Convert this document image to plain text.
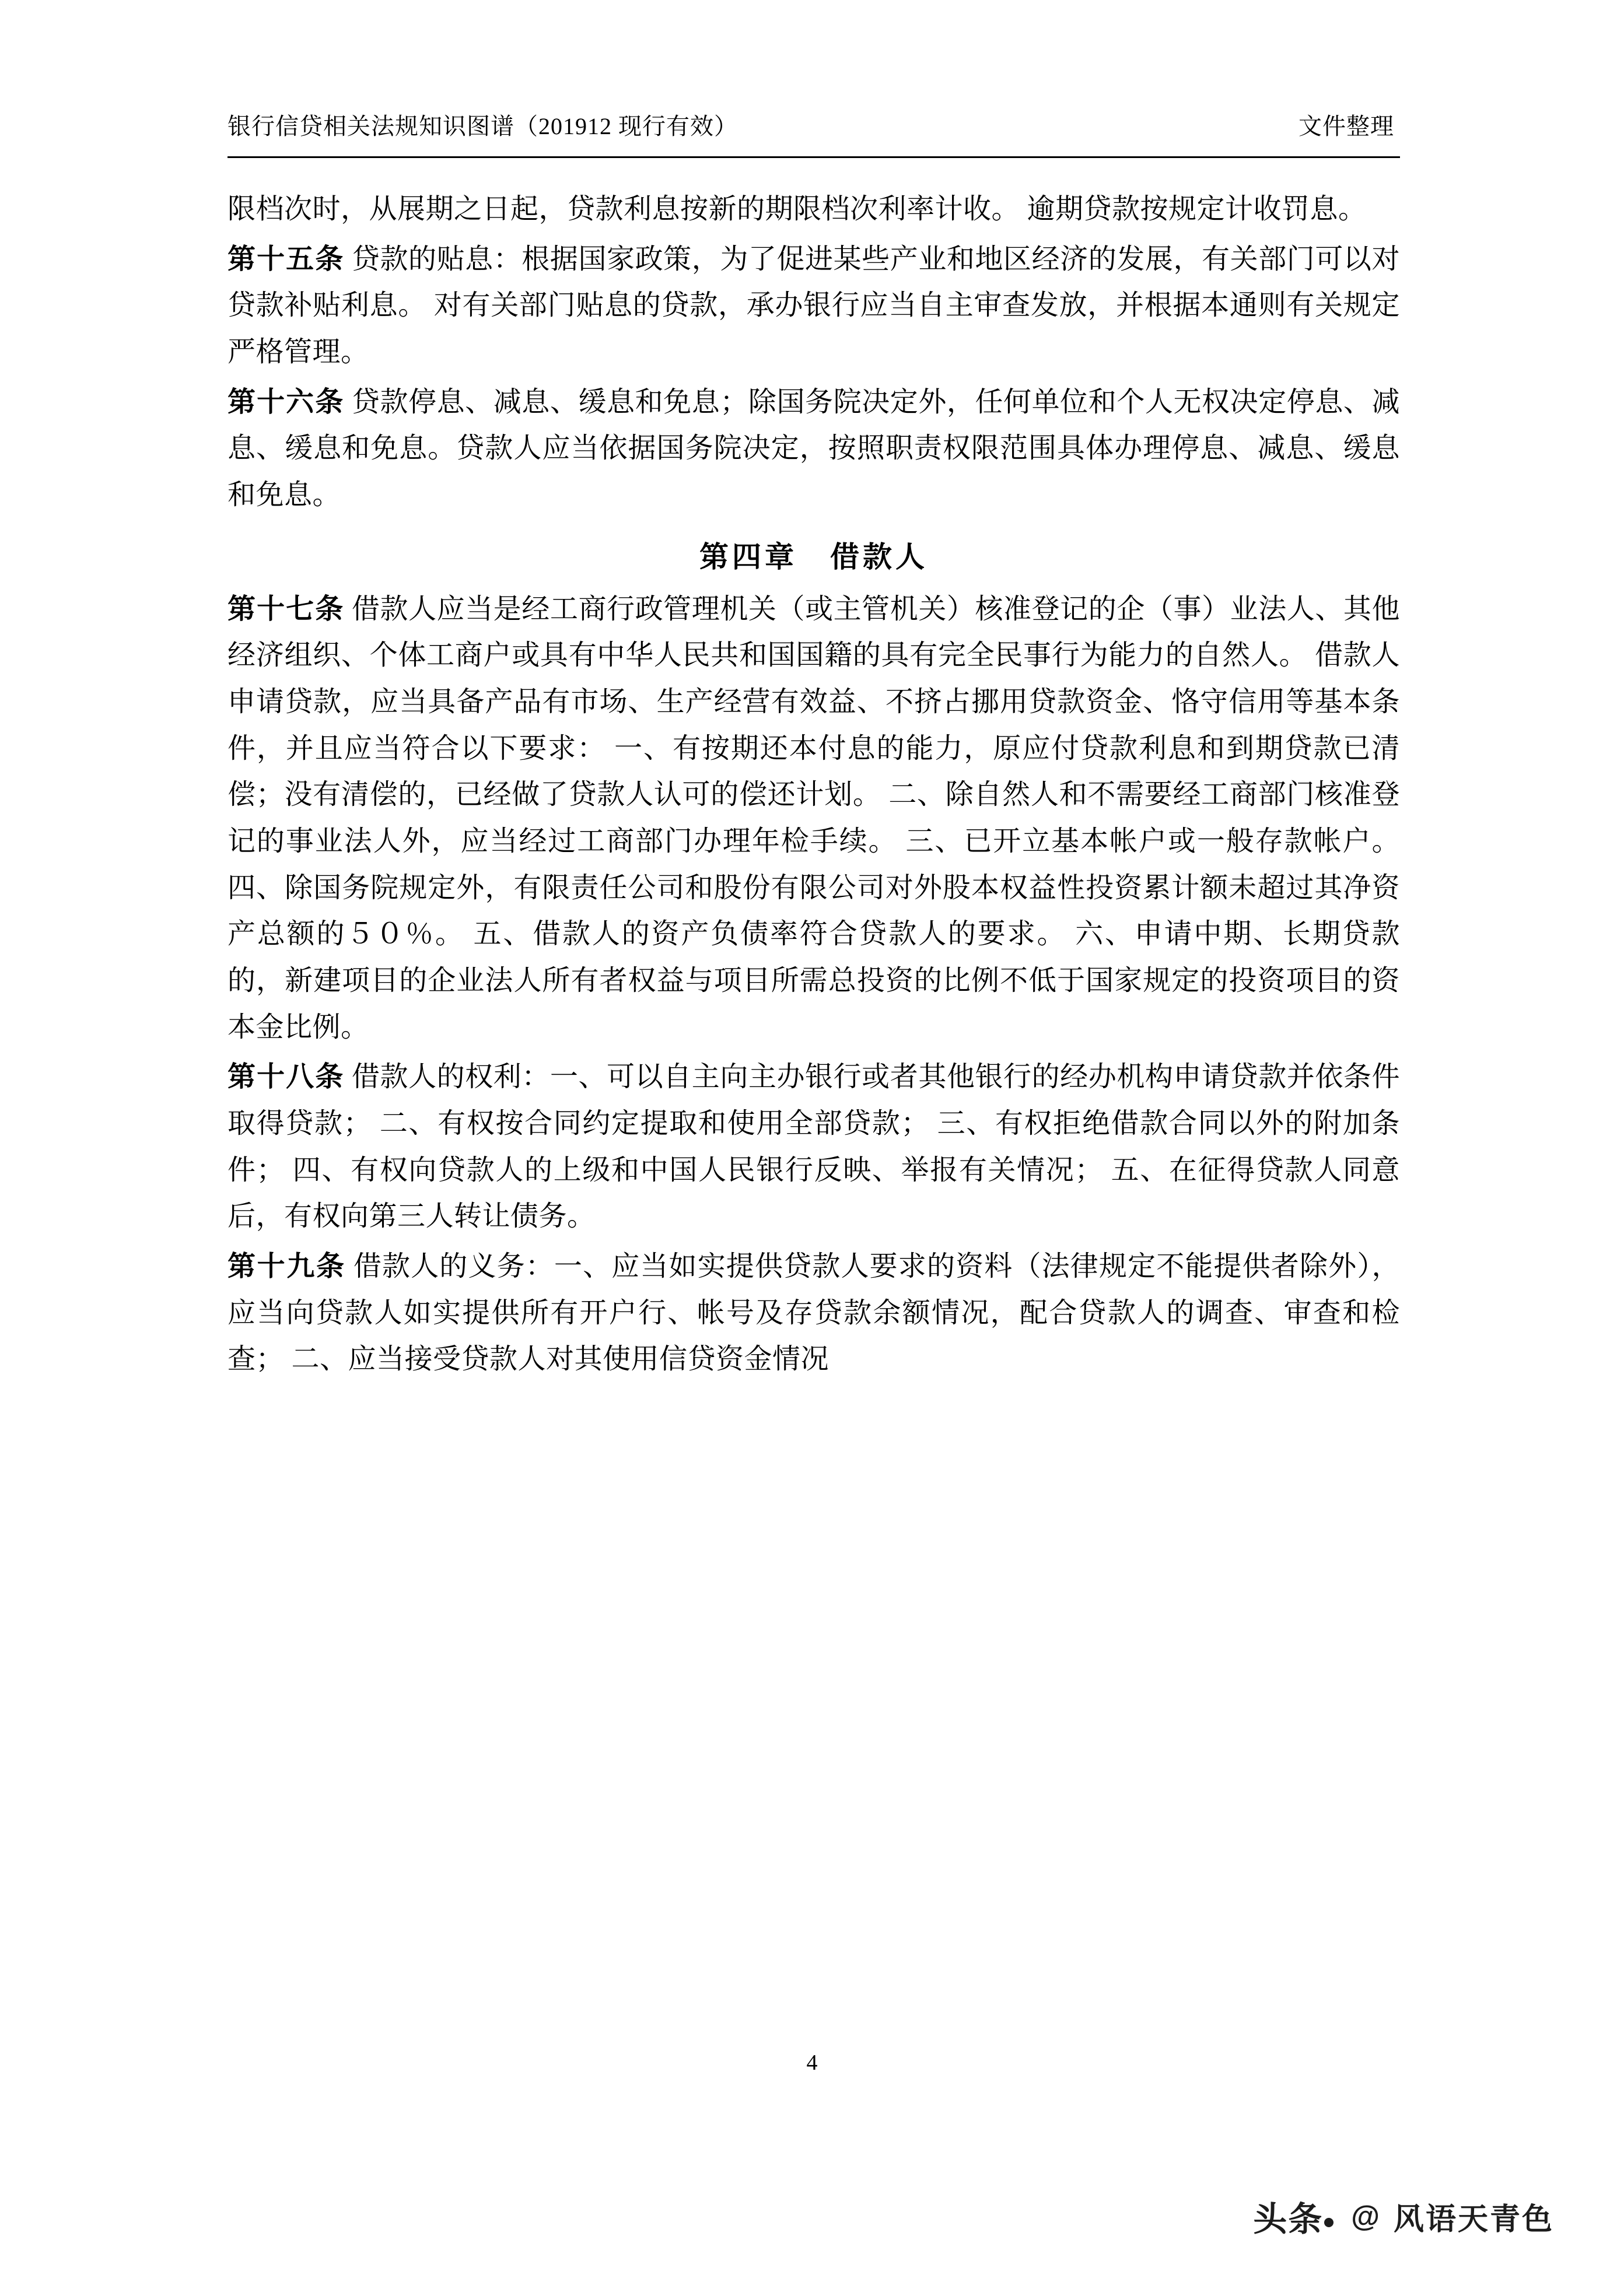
银行信贷相关法规知识图谱（201912 现行有效）	文件整理

限档次时，从展期之日起，贷款利息按新的期限档次利率计收。 逾期贷款按规定计收罚息。

第十五条 贷款的贴息：根据国家政策，为了促进某些产业和地区经济的发展，有关部门可以对贷款补贴利息。 对有关部门贴息的贷款，承办银行应当自主审查发放，并根据本通则有关规定严格管理。

第十六条 贷款停息、减息、缓息和免息；除国务院决定外，任何单位和个人无权决定停息、减息、缓息和免息。贷款人应当依据国务院决定，按照职责权限范围具体办理停息、减息、缓息和免息。

第四章　借款人

第十七条 借款人应当是经工商行政管理机关（或主管机关）核准登记的企（事）业法人、其他经济组织、个体工商户或具有中华人民共和国国籍的具有完全民事行为能力的自然人。 借款人申请贷款，应当具备产品有市场、生产经营有效益、不挤占挪用贷款资金、恪守信用等基本条件，并且应当符合以下要求： 一、有按期还本付息的能力，原应付贷款利息和到期贷款已清偿；没有清偿的，已经做了贷款人认可的偿还计划。 二、除自然人和不需要经工商部门核准登记的事业法人外，应当经过工商部门办理年检手续。 三、已开立基本帐户或一般存款帐户。 四、除国务院规定外，有限责任公司和股份有限公司对外股本权益性投资累计额未超过其净资产总额的５０％。 五、借款人的资产负债率符合贷款人的要求。 六、申请中期、长期贷款的，新建项目的企业法人所有者权益与项目所需总投资的比例不低于国家规定的投资项目的资本金比例。

第十八条 借款人的权利：一、可以自主向主办银行或者其他银行的经办机构申请贷款并依条件取得贷款； 二、有权按合同约定提取和使用全部贷款； 三、有权拒绝借款合同以外的附加条件； 四、有权向贷款人的上级和中国人民银行反映、举报有关情况； 五、在征得贷款人同意后，有权向第三人转让债务。

第十九条 借款人的义务：一、应当如实提供贷款人要求的资料（法律规定不能提供者除外），应当向贷款人如实提供所有开户行、帐号及存贷款余额情况，配合贷款人的调查、审查和检查； 二、应当接受贷款人对其使用信贷资金情况

4
头条 @ 风语天青色
